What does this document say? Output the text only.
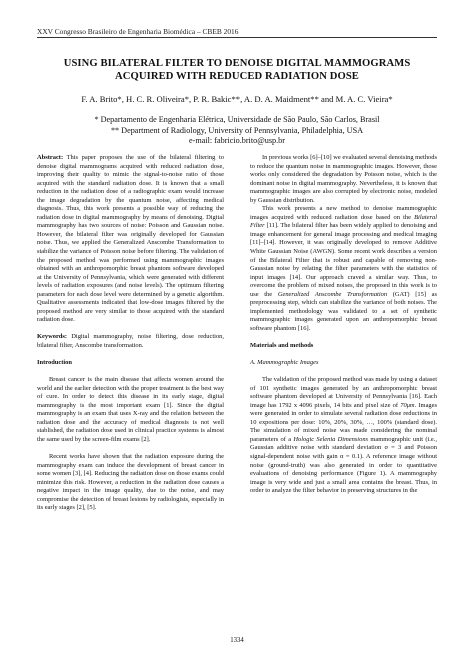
XXV Congresso Brasileiro de Engenharia Biomédica – CBEB 2016
USING BILATERAL FILTER TO DENOISE DIGITAL MAMMOGRAMS
ACQUIRED WITH REDUCED RADIATION DOSE
F. A. Brito*, H. C. R. Oliveira*, P. R. Bakic**, A. D. A. Maidment** and M. A. C. Vieira*
* Departamento de Engenharia Elétrica, Universidade de São Paulo, São Carlos, Brasil
** Department of Radiology, University of Pennsylvania, Philadelphia, USA
e-mail: fabricio.brito@usp.br

Abstract: This paper proposes the use of the bilateral filtering to denoise digital mammograms acquired with reduced radiation dose, improving their quality to mimic the signal-to-noise ratio of those acquired with the standard radiation dose. It is known that a small reduction in the radiation dose of a radiographic exam would increase the image degradation by the quantum noise, affecting medical diagnosis. Thus, this work presents a possible way of reducing the radiation dose in digital mammography by means of denoising. Digital mammography has two sources of noise: Poisson and Gaussian noise. However, the bilateral filter was originally developed for Gaussian noise. Thus, we applied the Generalized Anscombe Transformation to stabilize the variance of Poisson noise before filtering. The validation of the proposed method was performed using mammographic images obtained with an anthropomorphic breast phantom software developed at the University of Pennsylvania, which were generated with different levels of radiation exposures (and noise levels). The optimum filtering parameters for each dose level were determined by a genetic algorithm. Qualitative assessments indicated that low-dose images filtered by the proposed method are very similar to those acquired with the standard radiation dose.

Keywords: Digital mammography, noise filtering, dose reduction, bilateral filter, Anscombe transformation.

Introduction

Breast cancer is the main disease that affects women around the world and the earlier detection with the proper treatment is the best way of cure. In order to detect this disease in its early stage, digital mammography is the most important exam [1]. Since the digital mammography is an exam that uses X-ray and the relation between the radiation dose and the accuracy of medical diagnosis is not well stablished, the radiation dose used in clinical practice systems is almost the same used by the screen-film exams [2].

Recent works have shown that the radiation exposure during the mammography exam can induce the development of breast cancer in some women [3], [4]. Reducing the radiation dose on those exams could minimize this risk. However, a reduction in the radiation dose causes a negative impact in the image quality, due to the noise, and may compromise the detection of breast lesions by radiologists, especially in its early stages [2], [5].

In previous works [6]–[10] we evaluated several denoising methods to reduce the quantum noise in mammographic images. However, those works only considered the degradation by Poisson noise, which is the dominant noise in digital mammography. Nevertheless, it is known that mammographic images are also corrupted by electronic noise, modeled by Gaussian distribution.

This work presents a new method to denoise mammographic images acquired with reduced radiation dose based on the Bilateral Filter [11]. The bilateral filter has been widely applied to denoising and image enhancement for general image processing and medical imaging [11]–[14]. However, it was originally developed to remove Additive White Gaussian Noise (AWGN). Some recent work describes a version of the Bilateral Filter that is robust and capable of removing non-Gaussian noise by relating the filter parameters with the statistics of input images [14]. Our approach craved a similar way. Thus, to overcome the problem of mixed noises, the proposed in this work is to use the Generalized Anscombe Transformation (GAT) [15] as preprocessing step, which can stabilize the variance of both noises. The implemented methodology was validated to a set of synthetic mammographic images generated upon an anthropomorphic breast software phantom [16].

Materials and methods

A. Mammographic Images

The validation of the proposed method was made by using a dataset of 101 synthetic images generated by an anthropomorphic breast software phantom developed at University of Pennsylvania [16]. Each image has 1792 x 4096 pixels, 14 bits and pixel size of 70μm. Images were generated in order to simulate several radiation dose reductions in 10 expositions per dose: 10%, 20%, 30%, …, 100% (standard dose). The simulation of mixed noise was made considering the nominal parameters of a Hologic Selenia Dimensions mammographic unit (i.e., Gaussian additive noise with standard deviation σ = 3 and Poisson signal-dependent noise with gain α = 0.1). A reference image without noise (ground-truth) was also generated in order to quantitative evaluations of denoising performance (Figure 1). A mammography image is very wide and just a small area contains the breast. Thus, in order to analyze the filter behavior in preserving structures in the

1334
